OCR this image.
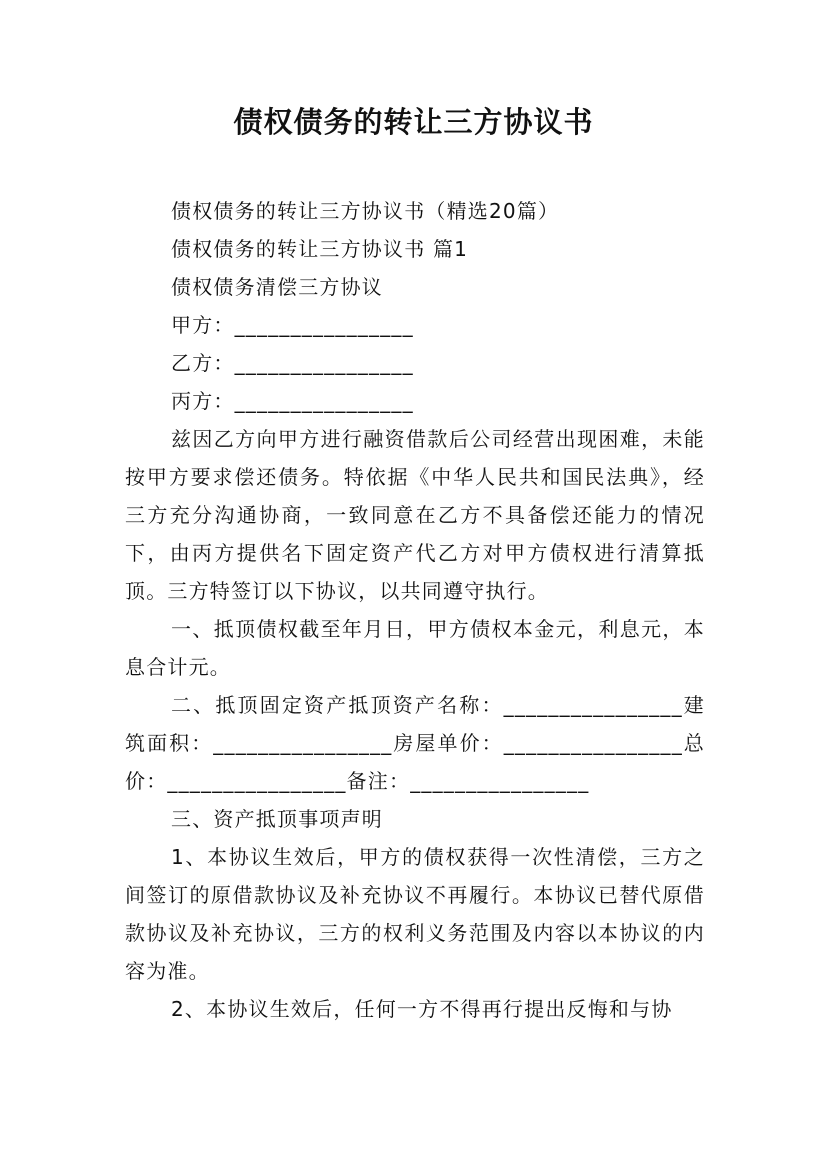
债权债务的转让三方协议书

债权债务的转让三方协议书（精选20篇）

债权债务的转让三方协议书 篇1

债权债务清偿三方协议

甲方：________________

乙方：________________

丙方：________________

兹因乙方向甲方进行融资借款后公司经营出现困难，未能按甲方要求偿还债务。特依据《中华人民共和国民法典》，经三方充分沟通协商，一致同意在乙方不具备偿还能力的情况下，由丙方提供名下固定资产代乙方对甲方债权进行清算抵顶。三方特签订以下协议，以共同遵守执行。

一、抵顶债权截至年月日，甲方债权本金元，利息元，本息合计元。

二、抵顶固定资产抵顶资产名称：________________建筑面积：________________房屋单价：________________总价：________________备注：________________

三、资产抵顶事项声明

1、本协议生效后，甲方的债权获得一次性清偿，三方之间签订的原借款协议及补充协议不再履行。本协议已替代原借款协议及补充协议，三方的权利义务范围及内容以本协议的内容为准。

2、本协议生效后，任何一方不得再行提出反悔和与协
